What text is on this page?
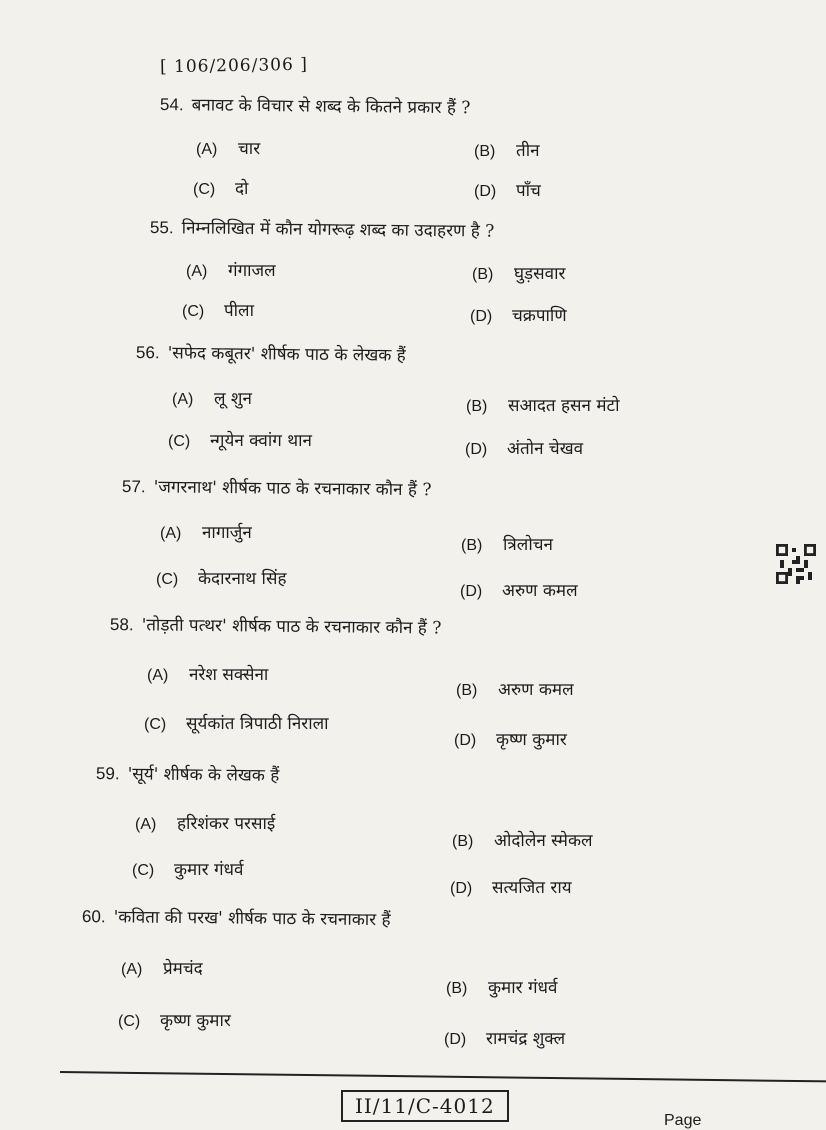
[ 106/206/306 ]
54. बनावट के विचार से शब्द के कितने प्रकार हैं ?
(A) चार	(B) तीन
(C) दो	(D) पाँच
55. निम्नलिखित में कौन योगरूढ़ शब्द का उदाहरण है ?
(A) गंगाजल	(B) घुड़सवार
(C) पीला	(D) चक्रपाणि
56. 'सफेद कबूतर' शीर्षक पाठ के लेखक हैं
(A) लू शुन	(B) सआदत हसन मंटो
(C) न्गूयेन क्वांग थान	(D) अंतोन चेखव
57. 'जगरनाथ' शीर्षक पाठ के रचनाकार कौन हैं ?
(A) नागार्जुन
(B) त्रिलोचन
(C) केदारनाथ सिंह
(D) अरुण कमल
58. 'तोड़ती पत्थर' शीर्षक पाठ के रचनाकार कौन हैं ?
(A) नरेश सक्सेना
(B) अरुण कमल
(C) सूर्यकांत त्रिपाठी निराला
(D) कृष्ण कुमार
59. 'सूर्य' शीर्षक के लेखक हैं
(A) हरिशंकर परसाई
(B) ओदोलेन स्मेकल
(C) कुमार गंधर्व
(D) सत्यजित राय
60. 'कविता की परख' शीर्षक पाठ के रचनाकार हैं
(A) प्रेमचंद
(B) कुमार गंधर्व
(C) कृष्ण कुमार
(D) रामचंद्र शुक्ल
II/11/C-4012
Page
